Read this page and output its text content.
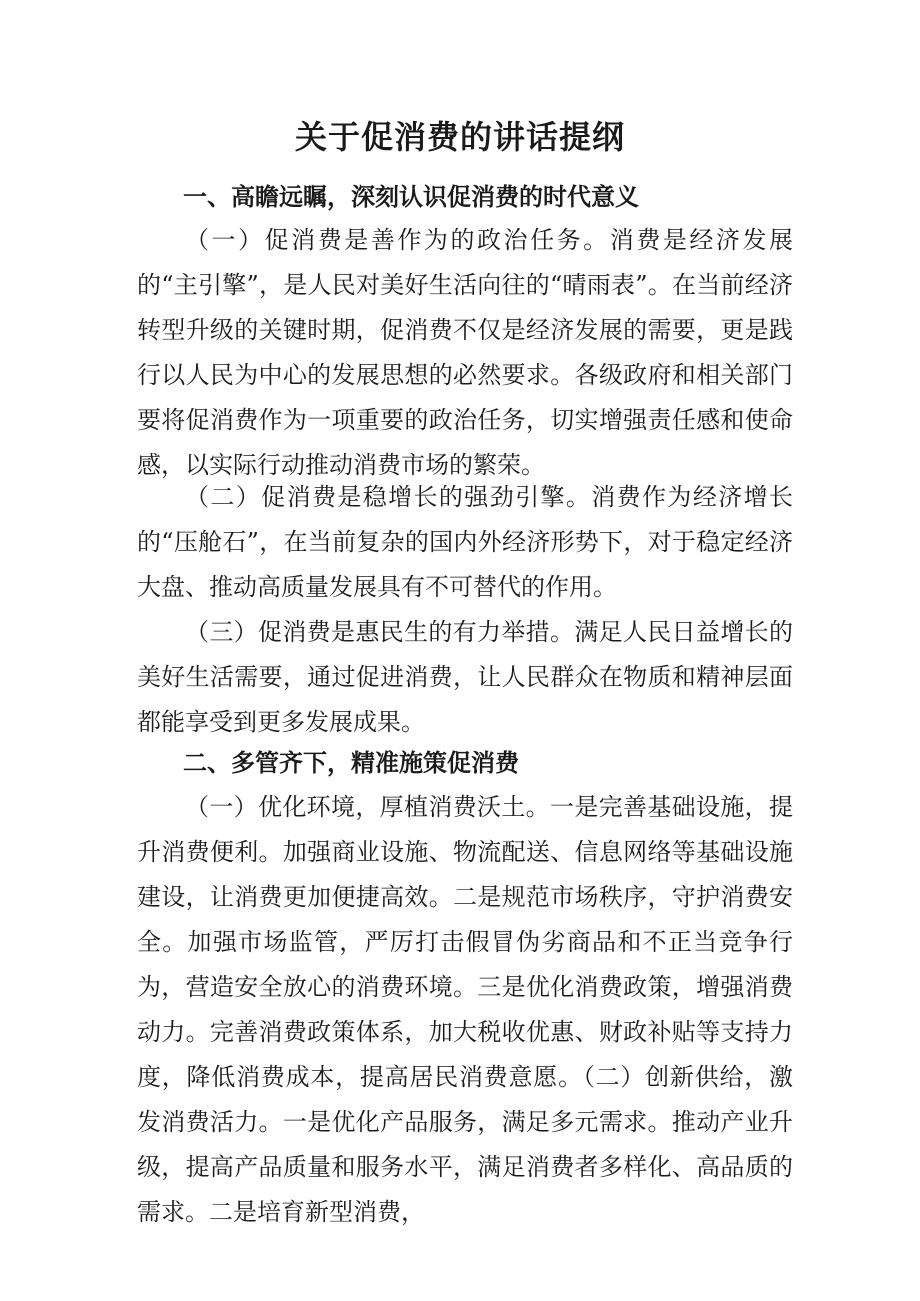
关于促消费的讲话提纲
一、高瞻远瞩，深刻认识促消费的时代意义

（一）促消费是善作为的政治任务。消费是经济发展的“主引擎”，是人民对美好生活向往的“晴雨表”。在当前经济转型升级的关键时期，促消费不仅是经济发展的需要，更是践行以人民为中心的发展思想的必然要求。各级政府和相关部门要将促消费作为一项重要的政治任务，切实增强责任感和使命感，以实际行动推动消费市场的繁荣。

（二）促消费是稳增长的强劲引擎。消费作为经济增长的“压舱石”，在当前复杂的国内外经济形势下，对于稳定经济大盘、推动高质量发展具有不可替代的作用。

（三）促消费是惠民生的有力举措。满足人民日益增长的美好生活需要，通过促进消费，让人民群众在物质和精神层面都能享受到更多发展成果。

二、多管齐下，精准施策促消费

（一）优化环境，厚植消费沃土。一是完善基础设施，提升消费便利。加强商业设施、物流配送、信息网络等基础设施建设，让消费更加便捷高效。二是规范市场秩序，守护消费安全。加强市场监管，严厉打击假冒伪劣商品和不正当竞争行为，营造安全放心的消费环境。三是优化消费政策，增强消费动力。完善消费政策体系，加大税收优惠、财政补贴等支持力度，降低消费成本，提高居民消费意愿。（二）创新供给，激发消费活力。一是优化产品服务，满足多元需求。推动产业升级，提高产品质量和服务水平，满足消费者多样化、高品质的需求。二是培育新型消费，
